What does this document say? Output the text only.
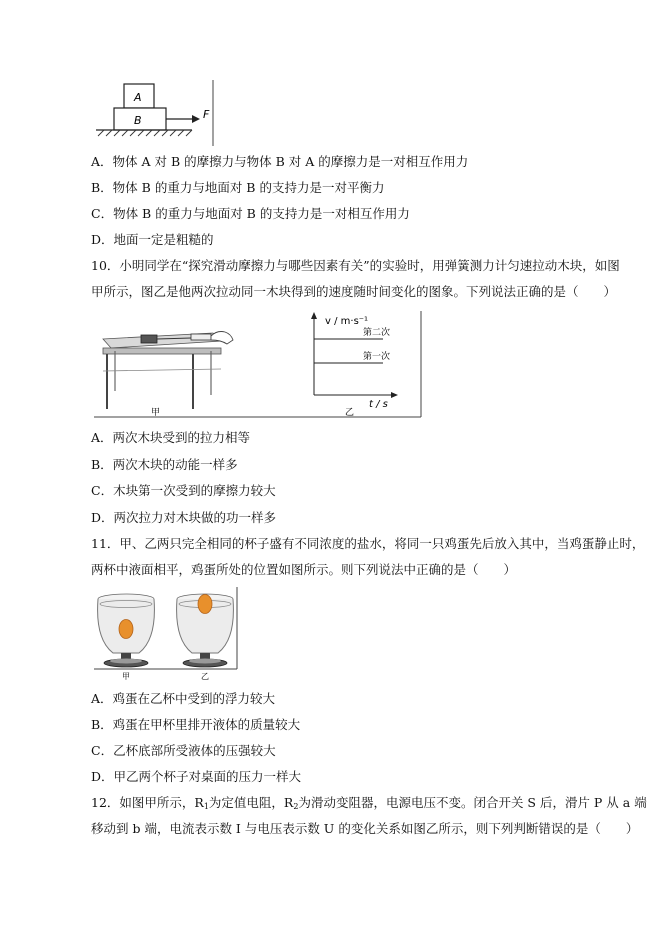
A
B	F
A．物体 A 对 B 的摩擦力与物体 B 对 A 的摩擦力是一对相互作用力
B．物体 B 的重力与地面对 B 的支持力是一对平衡力
C．物体 B 的重力与地面对 B 的支持力是一对相互作用力
D．地面一定是粗糙的
10．小明同学在“探究滑动摩擦力与哪些因素有关”的实验时，用弹簧测力计匀速拉动木块，如图
甲所示，图乙是他两次拉动同一木块得到的速度随时间变化的图象。下列说法正确的是（　　）
甲
v / m·s⁻¹
t / s
第二次
第一次
乙
A．两次木块受到的拉力相等
B．两次木块的动能一样多
C．木块第一次受到的摩擦力较大
D．两次拉力对木块做的功一样多
11．甲、乙两只完全相同的杯子盛有不同浓度的盐水，将同一只鸡蛋先后放入其中，当鸡蛋静止时，
两杯中液面相平，鸡蛋所处的位置如图所示。则下列说法中正确的是（　　）
甲	乙
A．鸡蛋在乙杯中受到的浮力较大
B．鸡蛋在甲杯里排开液体的质量较大
C．乙杯底部所受液体的压强较大
D．甲乙两个杯子对桌面的压力一样大
12．如图甲所示，$R_1$为定值电阻，$R_2$为滑动变阻器，电源电压不变。闭合开关 S 后，滑片 P 从 a 端
移动到 b 端，电流表示数 I 与电压表示数 U 的变化关系如图乙所示，则下列判断错误的是（　　）
